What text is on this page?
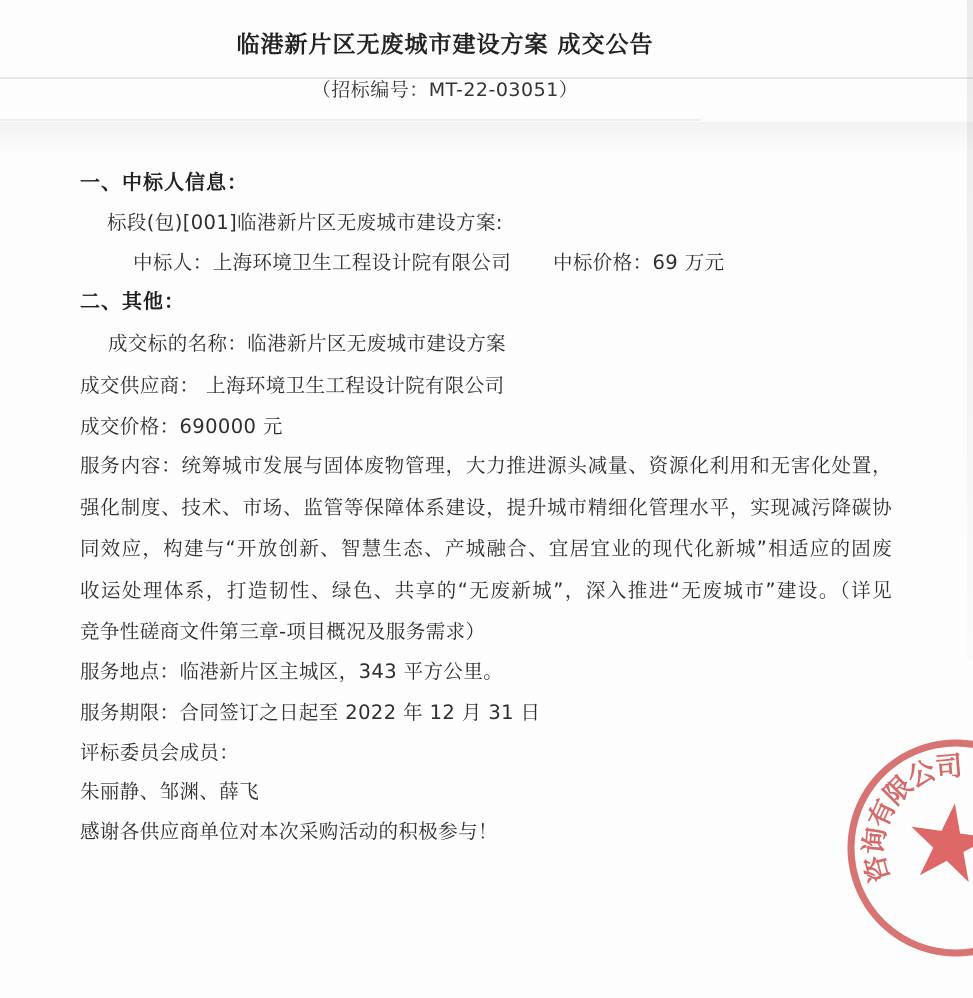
临港新片区无废城市建设方案 成交公告
（招标编号：MT-22-03051）
一、中标人信息：
标段(包)[001]临港新片区无废城市建设方案:
中标人：上海环境卫生工程设计院有限公司 中标价格：69 万元
二、其他：
成交标的名称：临港新片区无废城市建设方案
成交供应商： 上海环境卫生工程设计院有限公司
成交价格：690000 元
服务内容：统筹城市发展与固体废物管理，大力推进源头减量、资源化利用和无害化处置，
强化制度、技术、市场、监管等保障体系建设，提升城市精细化管理水平，实现减污降碳协
同效应，构建与“开放创新、智慧生态、产城融合、宜居宜业的现代化新城”相适应的固废
收运处理体系，打造韧性、绿色、共享的“无废新城”，深入推进“无废城市”建设。（详见
竞争性磋商文件第三章-项目概况及服务需求）
服务地点：临港新片区主城区，343 平方公里。
服务期限：合同签订之日起至 2022 年 12 月 31 日
评标委员会成员：
朱丽静、邹渊、薛飞
感谢各供应商单位对本次采购活动的积极参与！
咨
询
有
限
公
司
